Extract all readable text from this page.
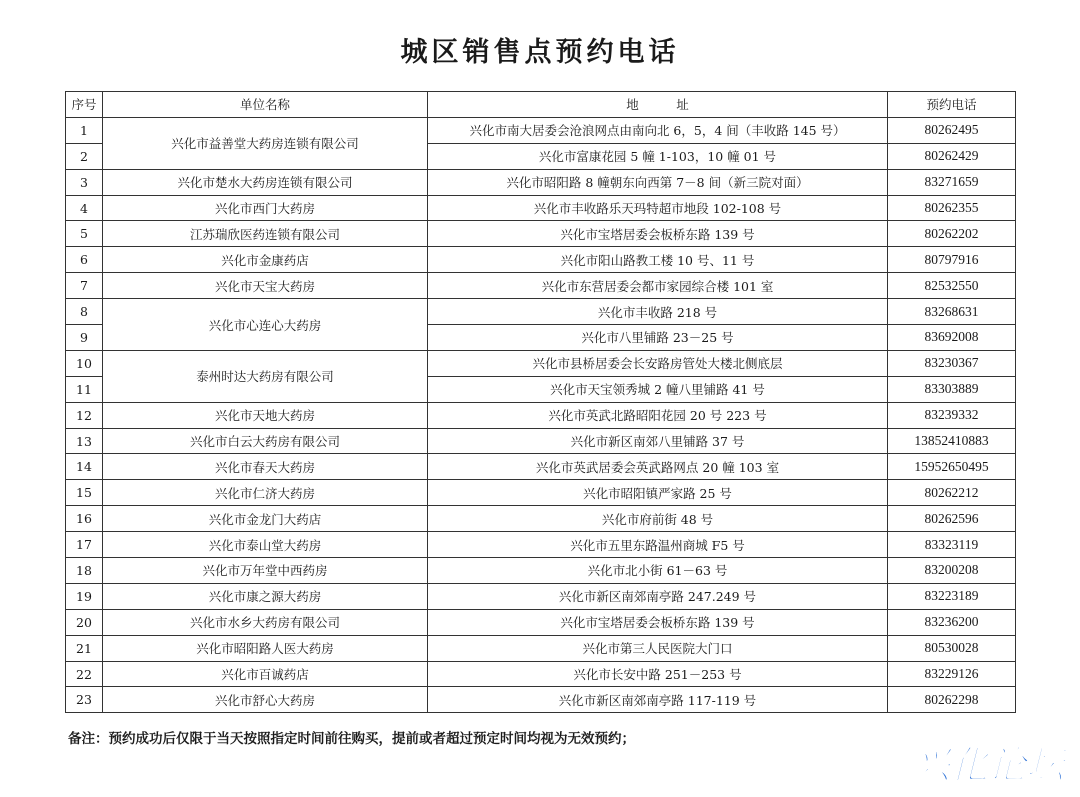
城区销售点预约电话
序号	单位名称	地　　　址	预约电话
1	兴化市益善堂大药房连锁有限公司	兴化市南大居委会沧浪网点由南向北 6，5，4 间（丰收路 145 号）	80262495
2		兴化市富康花园 5 幢 1-103，10 幢 01 号	80262429
3	兴化市楚水大药房连锁有限公司	兴化市昭阳路 8 幢朝东向西第 7－8 间（新三院对面）	83271659
4	兴化市西门大药房	兴化市丰收路乐天玛特超市地段 102-108 号	80262355
5	江苏瑞欣医药连锁有限公司	兴化市宝塔居委会板桥东路 139 号	80262202
6	兴化市金康药店	兴化市阳山路教工楼 10 号、11 号	80797916
7	兴化市天宝大药房	兴化市东营居委会都市家园综合楼 101 室	82532550
8	兴化市心连心大药房	兴化市丰收路 218 号	83268631
9		兴化市八里铺路 23－25 号	83692008
10	泰州时达大药房有限公司	兴化市县桥居委会长安路房管处大楼北侧底层	83230367
11		兴化市天宝领秀城 2 幢八里铺路 41 号	83303889
12	兴化市天地大药房	兴化市英武北路昭阳花园 20 号 223 号	83239332
13	兴化市白云大药房有限公司	兴化市新区南郊八里铺路 37 号	13852410883
14	兴化市春天大药房	兴化市英武居委会英武路网点 20 幢 103 室	15952650495
15	兴化市仁济大药房	兴化市昭阳镇严家路 25 号	80262212
16	兴化市金龙门大药店	兴化市府前街 48 号	80262596
17	兴化市泰山堂大药房	兴化市五里东路温州商城 F5 号	83323119
18	兴化市万年堂中西药房	兴化市北小街 61－63 号	83200208
19	兴化市康之源大药房	兴化市新区南郊南亭路 247.249 号	83223189
20	兴化市水乡大药房有限公司	兴化市宝塔居委会板桥东路 139 号	83236200
21	兴化市昭阳路人医大药房	兴化市第三人民医院大门口	80530028
22	兴化市百诚药店	兴化市长安中路 251－253 号	83229126
23	兴化市舒心大药房	兴化市新区南郊南亭路 117-119 号	80262298
备注：预约成功后仅限于当天按照指定时间前往购买，提前或者超过预定时间均视为无效预约；
兴化论坛
